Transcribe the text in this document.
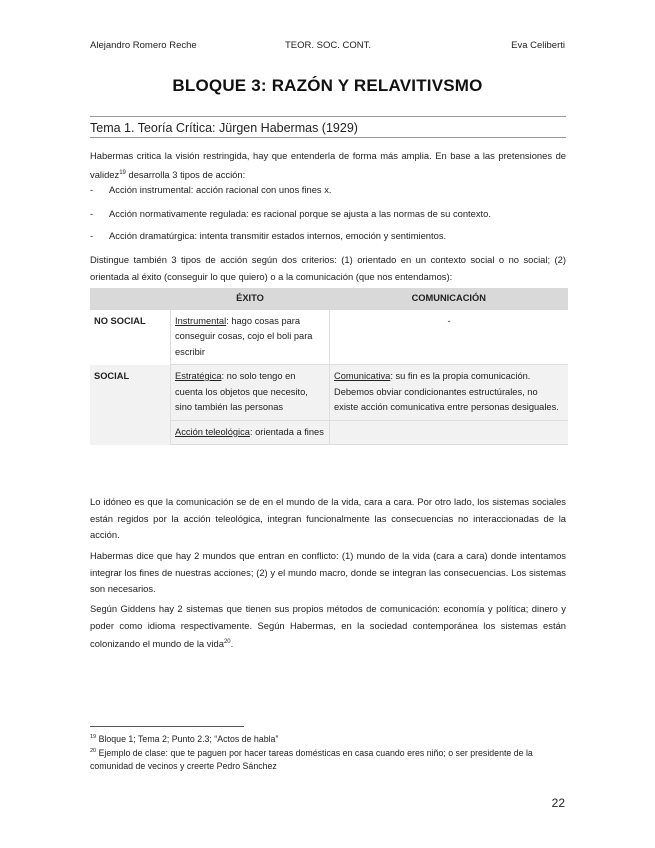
Alejandro Romero Reche	TEOR. SOC. CONT.	Eva Celiberti
BLOQUE 3: RAZÓN Y RELAVITIVSMO
Tema 1. Teoría Crítica: Jürgen Habermas (1929)
Habermas critica la visión restringida, hay que entenderla de forma más amplia. En base a las pretensiones de validez$^{19}$ desarrolla 3 tipos de acción:
- Acción instrumental: acción racional con unos fines x.
- Acción normativamente regulada: es racional porque se ajusta a las normas de su contexto.
- Acción dramatúrgica: intenta transmitir estados internos, emoción y sentimientos.
Distingue también 3 tipos de acción según dos criterios: (1) orientado en un contexto social o no social; (2) orientada al éxito (conseguir lo que quiero) o a la comunicación (que nos entendamos):
	ÉXITO	COMUNICACIÓN
NO SOCIAL	Instrumental: hago cosas para conseguir cosas, cojo el boli para escribir	-
SOCIAL	Estratégica: no solo tengo en cuenta los objetos que necesito, sino también las personas	Comunicativa: su fin es la propia comunicación. Debemos obviar condicionantes estructúrales, no existe acción comunicativa entre personas desiguales.
	Acción teleológica: orientada a fines	
Lo idóneo es que la comunicación se de en el mundo de la vida, cara a cara. Por otro lado, los sistemas sociales están regidos por la acción teleológica, integran funcionalmente las consecuencias no interaccionadas de la acción.
Habermas dice que hay 2 mundos que entran en conflicto: (1) mundo de la vida (cara a cara) donde intentamos integrar los fines de nuestras acciones; (2) y el mundo macro, donde se integran las consecuencias. Los sistemas son necesarios.
Según Giddens hay 2 sistemas que tienen sus propios métodos de comunicación: economía y política; dinero y poder como idioma respectivamente. Según Habermas, en la sociedad contemporánea los sistemas están colonizando el mundo de la vida$^{20}$.
$^{19}$ Bloque 1; Tema 2; Punto 2.3; “Actos de habla”
$^{20}$ Ejemplo de clase: que te paguen por hacer tareas domésticas en casa cuando eres niño; o ser presidente de la comunidad de vecinos y creerte Pedro Sánchez
22
